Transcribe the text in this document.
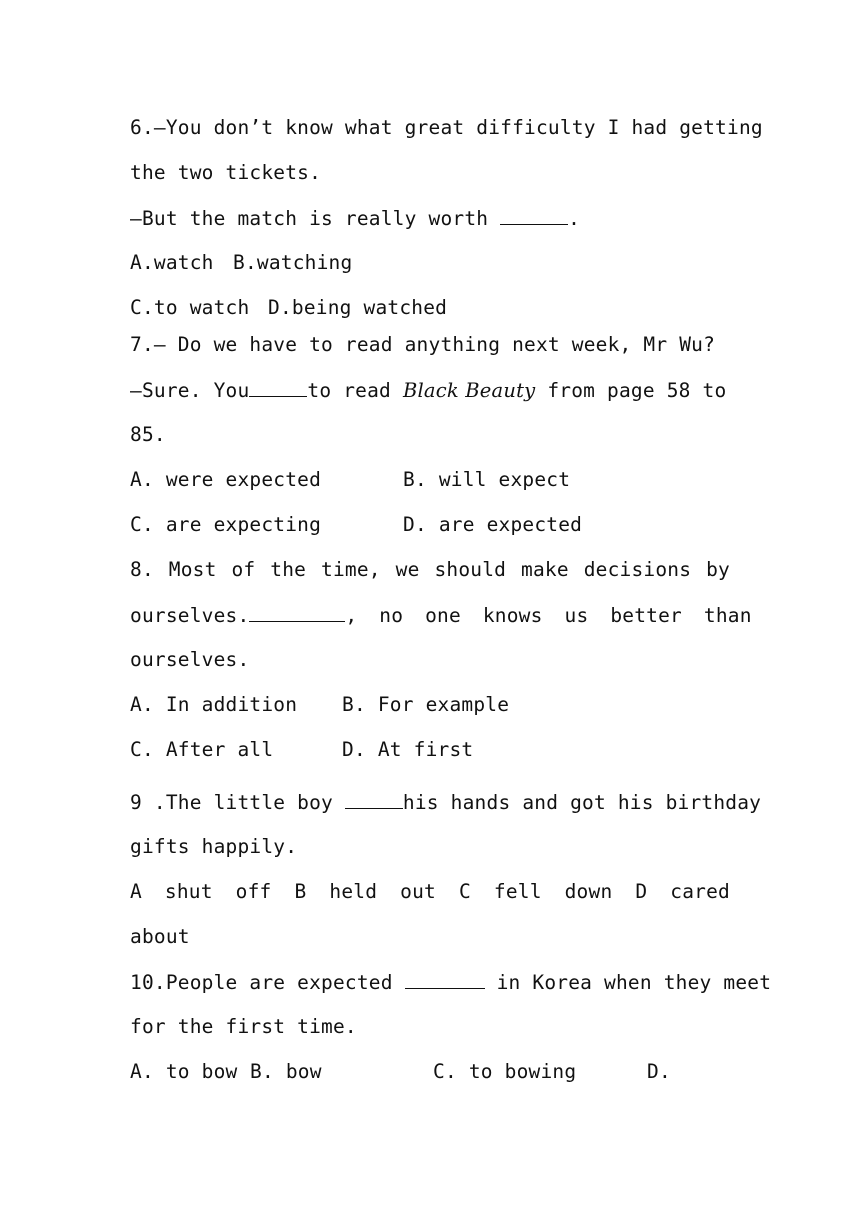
6.—You don’t know what great difficulty I had getting
the two tickets.
—But the match is really worth	.
A.watch B.watching
C.to watch D.being watched
7.— Do we have to read anything next week, Mr Wu?
—Sure. You	to read Black Beauty from page 58 to
85.
A. were expected	B. will expect
C. are expecting	D. are expected
8. Most of the time, we should make decisions by
ourselves.	, no one knows us better than
ourselves.
A. In addition B. For example
C. After all	D. At first
9 .The little boy	his hands and got his birthday
gifts happily.
A shut off B held out C fell down D cared
about
10.People are expected	in Korea when they meet
for the first time.
A. to bow B. bow	C. to bowing	D.
